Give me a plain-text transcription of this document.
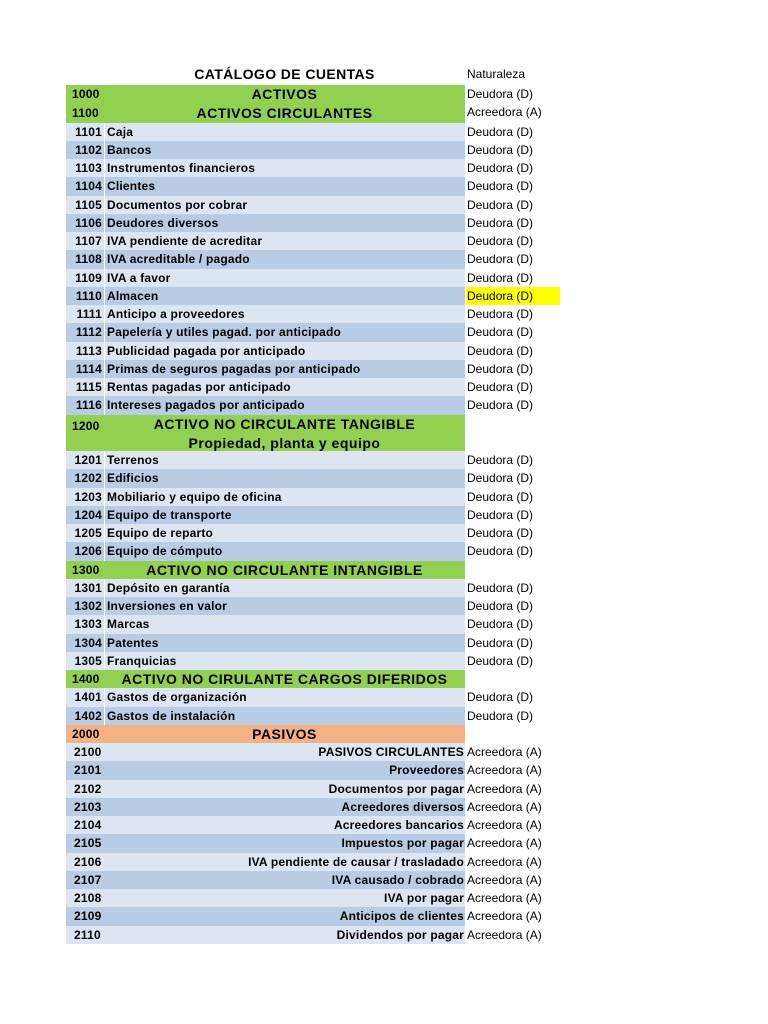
CATÁLOGO DE CUENTAS	Naturaleza
1000	ACTIVOS	Deudora (D)
1100	ACTIVOS CIRCULANTES	Acreedora (A)
1101 Caja	Deudora (D)
1102 Bancos	Deudora (D)
1103 Instrumentos financieros	Deudora (D)
1104 Clientes	Deudora (D)
1105 Documentos por cobrar	Deudora (D)
1106 Deudores diversos	Deudora (D)
1107 IVA pendiente de acreditar	Deudora (D)
1108 IVA acreditable / pagado	Deudora (D)
1109 IVA a favor	Deudora (D)
1110 Almacen	Deudora (D)
1111 Anticipo a proveedores	Deudora (D)
1112 Papelería y utiles pagad. por anticipado	Deudora (D)
1113 Publicidad pagada por anticipado	Deudora (D)
1114 Primas de seguros pagadas por anticipado	Deudora (D)
1115 Rentas pagadas por anticipado	Deudora (D)
1116 Intereses pagados por anticipado	Deudora (D)
1200	ACTIVO NO CIRCULANTE TANGIBLE
Propiedad, planta y equipo
1201 Terrenos	Deudora (D)
1202 Edificios	Deudora (D)
1203 Mobiliario y equipo de oficina	Deudora (D)
1204 Equipo de transporte	Deudora (D)
1205 Equipo de reparto	Deudora (D)
1206 Equipo de cómputo	Deudora (D)
1300	ACTIVO NO CIRCULANTE INTANGIBLE
1301 Depósito en garantía	Deudora (D)
1302 Inversiones en valor	Deudora (D)
1303 Marcas	Deudora (D)
1304 Patentes	Deudora (D)
1305 Franquicias	Deudora (D)
1400	ACTIVO NO CIRULANTE CARGOS DIFERIDOS
1401 Gastos de organización	Deudora (D)
1402 Gastos de instalación	Deudora (D)
2000	PASIVOS
2100	PASIVOS CIRCULANTES Acreedora (A)
2101	Proveedores Acreedora (A)
2102	Documentos por pagar Acreedora (A)
2103	Acreedores diversos Acreedora (A)
2104	Acreedores bancarios Acreedora (A)
2105	Impuestos por pagar Acreedora (A)
2106	IVA pendiente de causar / trasladado Acreedora (A)
2107	IVA causado / cobrado Acreedora (A)
2108	IVA por pagar Acreedora (A)
2109	Anticipos de clientes Acreedora (A)
2110	Dividendos por pagar Acreedora (A)
